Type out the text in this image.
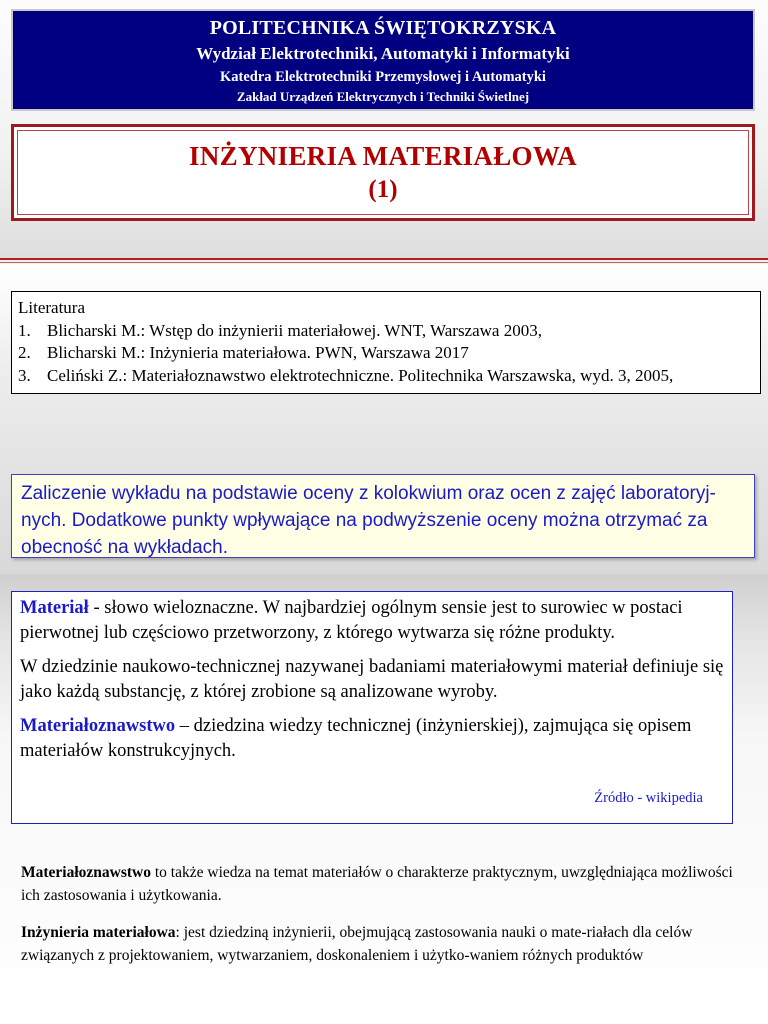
POLITECHNIKA ŚWIĘTOKRZYSKA
Wydział Elektrotechniki, Automatyki i Informatyki
Katedra Elektrotechniki Przemysłowej i Automatyki
Zakład Urządzeń Elektrycznych i Techniki Świetlnej
INŻYNIERIA MATERIAŁOWA
(1)
Literatura
1. Blicharski M.: Wstęp do inżynierii materiałowej. WNT, Warszawa 2003,
2. Blicharski M.: Inżynieria materiałowa. PWN, Warszawa 2017
3. Celiński Z.: Materiałoznawstwo elektrotechniczne. Politechnika Warszawska, wyd. 3, 2005,
Zaliczenie wykładu na podstawie oceny z kolokwium oraz ocen z zajęć laboratoryj-nych. Dodatkowe punkty wpływające na podwyższenie oceny można otrzymać za obecność na wykładach.

Materiał - słowo wieloznaczne. W najbardziej ogólnym sensie jest to surowiec w postaci pierwotnej lub częściowo przetworzony, z którego wytwarza się różne produkty.

W dziedzinie naukowo-technicznej nazywanej badaniami materiałowymi materiał definiuje się jako każdą substancję, z której zrobione są analizowane wyroby.

Materiałoznawstwo – dziedzina wiedzy technicznej (inżynierskiej), zajmująca się opisem materiałów konstrukcyjnych.

Źródło - wikipedia

Materiałoznawstwo to także wiedza na temat materiałów o charakterze praktycznym, uwzględniająca możliwości ich zastosowania i użytkowania.

Inżynieria materiałowa: jest dziedziną inżynierii, obejmującą zastosowania nauki o mate-riałach dla celów związanych z projektowaniem, wytwarzaniem, doskonaleniem i użytko-waniem różnych produktów
